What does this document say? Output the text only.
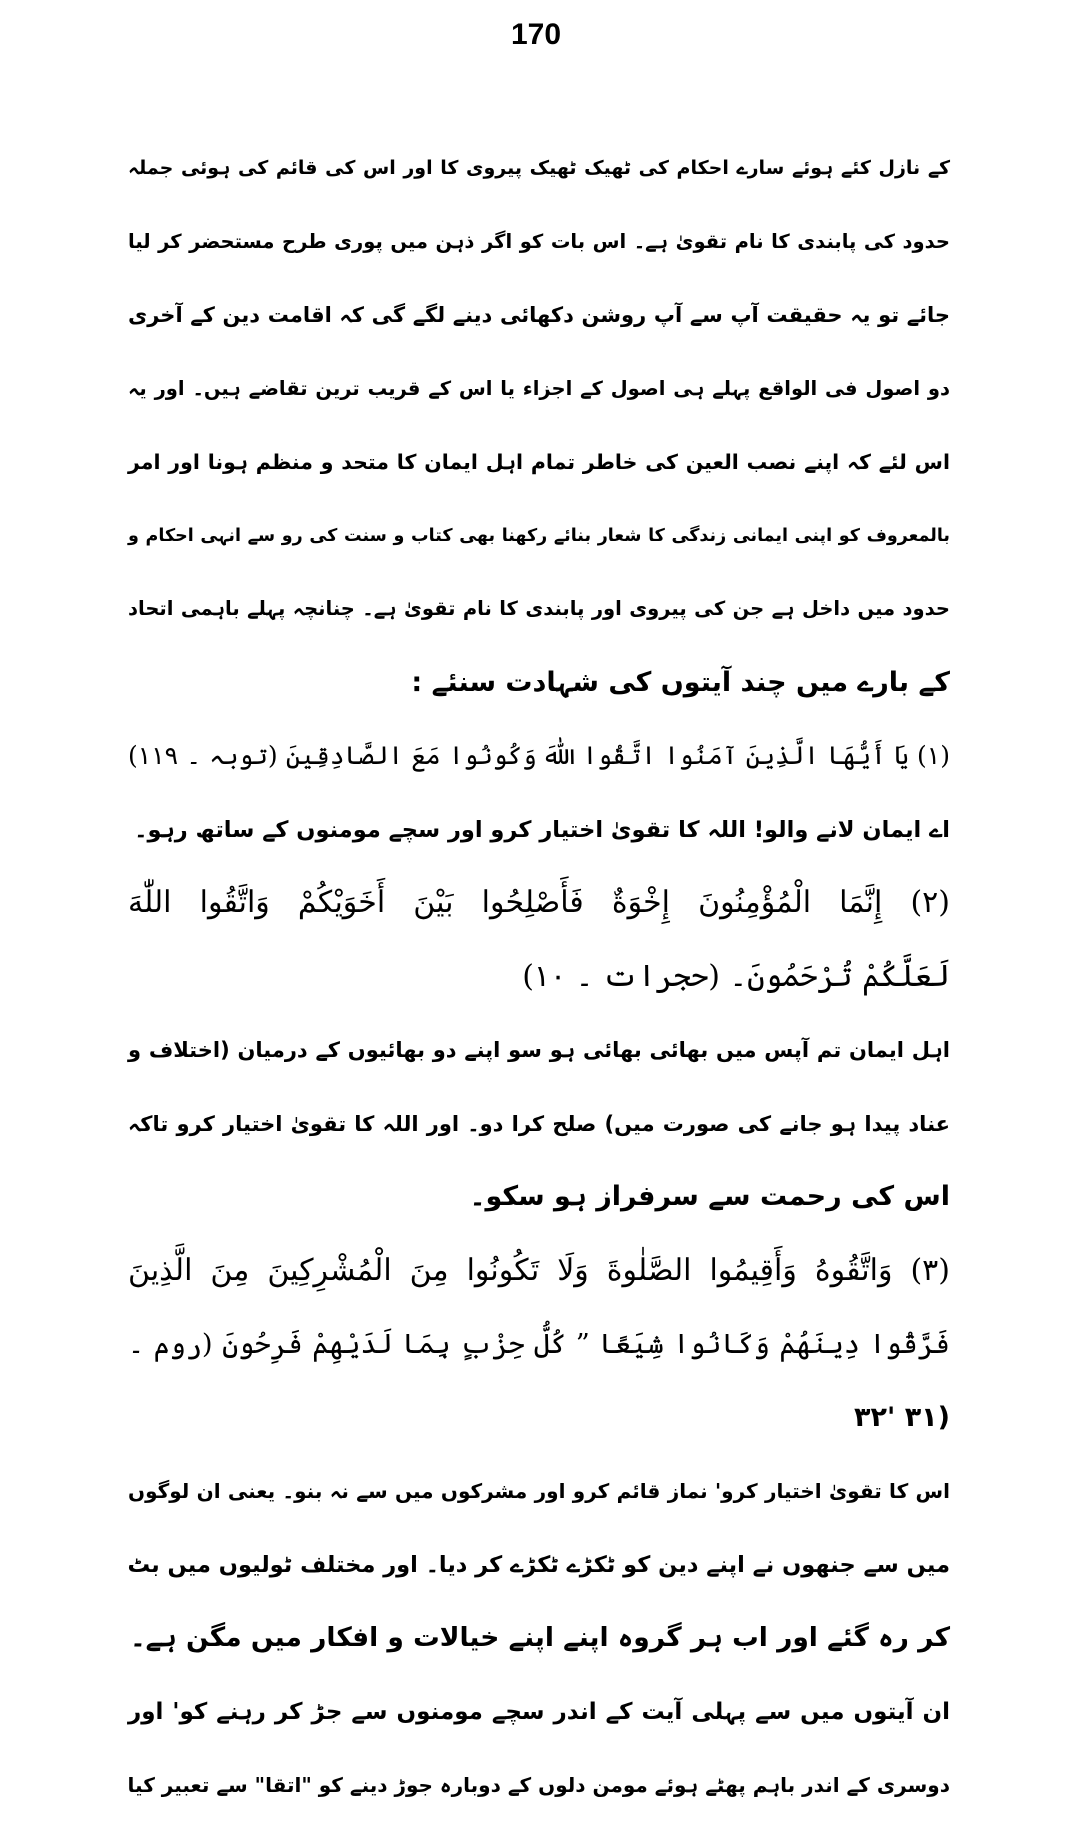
170
کے نازل کئے ہوئے سارے احکام کی ٹھیک ٹھیک پیروی کا اور اس کی قائم کی ہوئی جملہ
حدود کی پابندی کا نام تقویٰ ہے۔ اس بات کو اگر ذہن میں پوری طرح مستحضر کر لیا
جائے تو یہ حقیقت آپ سے آپ روشن دکھائی دینے لگے گی کہ اقامت دین کے آخری
دو اصول فی الواقع پہلے ہی اصول کے اجزاء یا اس کے قریب ترین تقاضے ہیں۔ اور یہ
اس لئے کہ اپنے نصب العین کی خاطر تمام اہل ایمان کا متحد و منظم ہونا اور امر
بالمعروف کو اپنی ایمانی زندگی کا شعار بنائے رکھنا بھی کتاب و سنت کی رو سے انہی احکام و
حدود میں داخل ہے جن کی پیروی اور پابندی کا نام تقویٰ ہے۔ چنانچہ پہلے باہمی اتحاد
کے بارے میں چند آیتوں کی شہادت سنئے :
(۱) يَا أَيُّهَا الَّذِينَ آمَنُوا اتَّقُوا اللّٰهَ وَكُونُوا مَعَ الصَّادِقِينَ (توبہ ۔ ۱۱۹)
اے ایمان لانے والو! اللہ کا تقویٰ اختیار کرو اور سچے مومنوں کے ساتھ رہو۔
(۲) إِنَّمَا الْمُؤْمِنُونَ إِخْوَةٌ فَأَصْلِحُوا بَيْنَ أَخَوَيْكُمْ وَاتَّقُوا اللّٰهَ
لَعَلَّكُمْ تُرْحَمُونَ۔ (حجرات ۔ ۱۰)
اہل ایمان تم آپس میں بھائی بھائی ہو سو اپنے دو بھائیوں کے درمیان (اختلاف و
عناد پیدا ہو جانے کی صورت میں) صلح کرا دو۔ اور اللہ کا تقویٰ اختیار کرو تاکہ
اس کی رحمت سے سرفراز ہو سکو۔
(۳) وَاتَّقُوهُ وَأَقِيمُوا الصَّلٰوةَ وَلَا تَكُونُوا مِنَ الْمُشْرِكِينَ مِنَ الَّذِينَ
فَرَّقُوا دِينَهُمْ وَكَانُوا شِيَعًا ” كُلُّ حِزْبٍ بِمَا لَدَيْهِمْ فَرِحُونَ (روم ۔
(۳۱ '۳۲
اس کا تقویٰ اختیار کرو' نماز قائم کرو اور مشرکوں میں سے نہ بنو۔ یعنی ان لوگوں
میں سے جنھوں نے اپنے دین کو ٹکڑے ٹکڑے کر دیا۔ اور مختلف ٹولیوں میں بٹ
کر رہ گئے اور اب ہر گروہ اپنے اپنے خیالات و افکار میں مگن ہے۔
ان آیتوں میں سے پہلی آیت کے اندر سچے مومنوں سے جڑ کر رہنے کو' اور
دوسری کے اندر باہم پھٹے ہوئے مومن دلوں کے دوبارہ جوڑ دینے کو "اتقا" سے تعبیر کیا
